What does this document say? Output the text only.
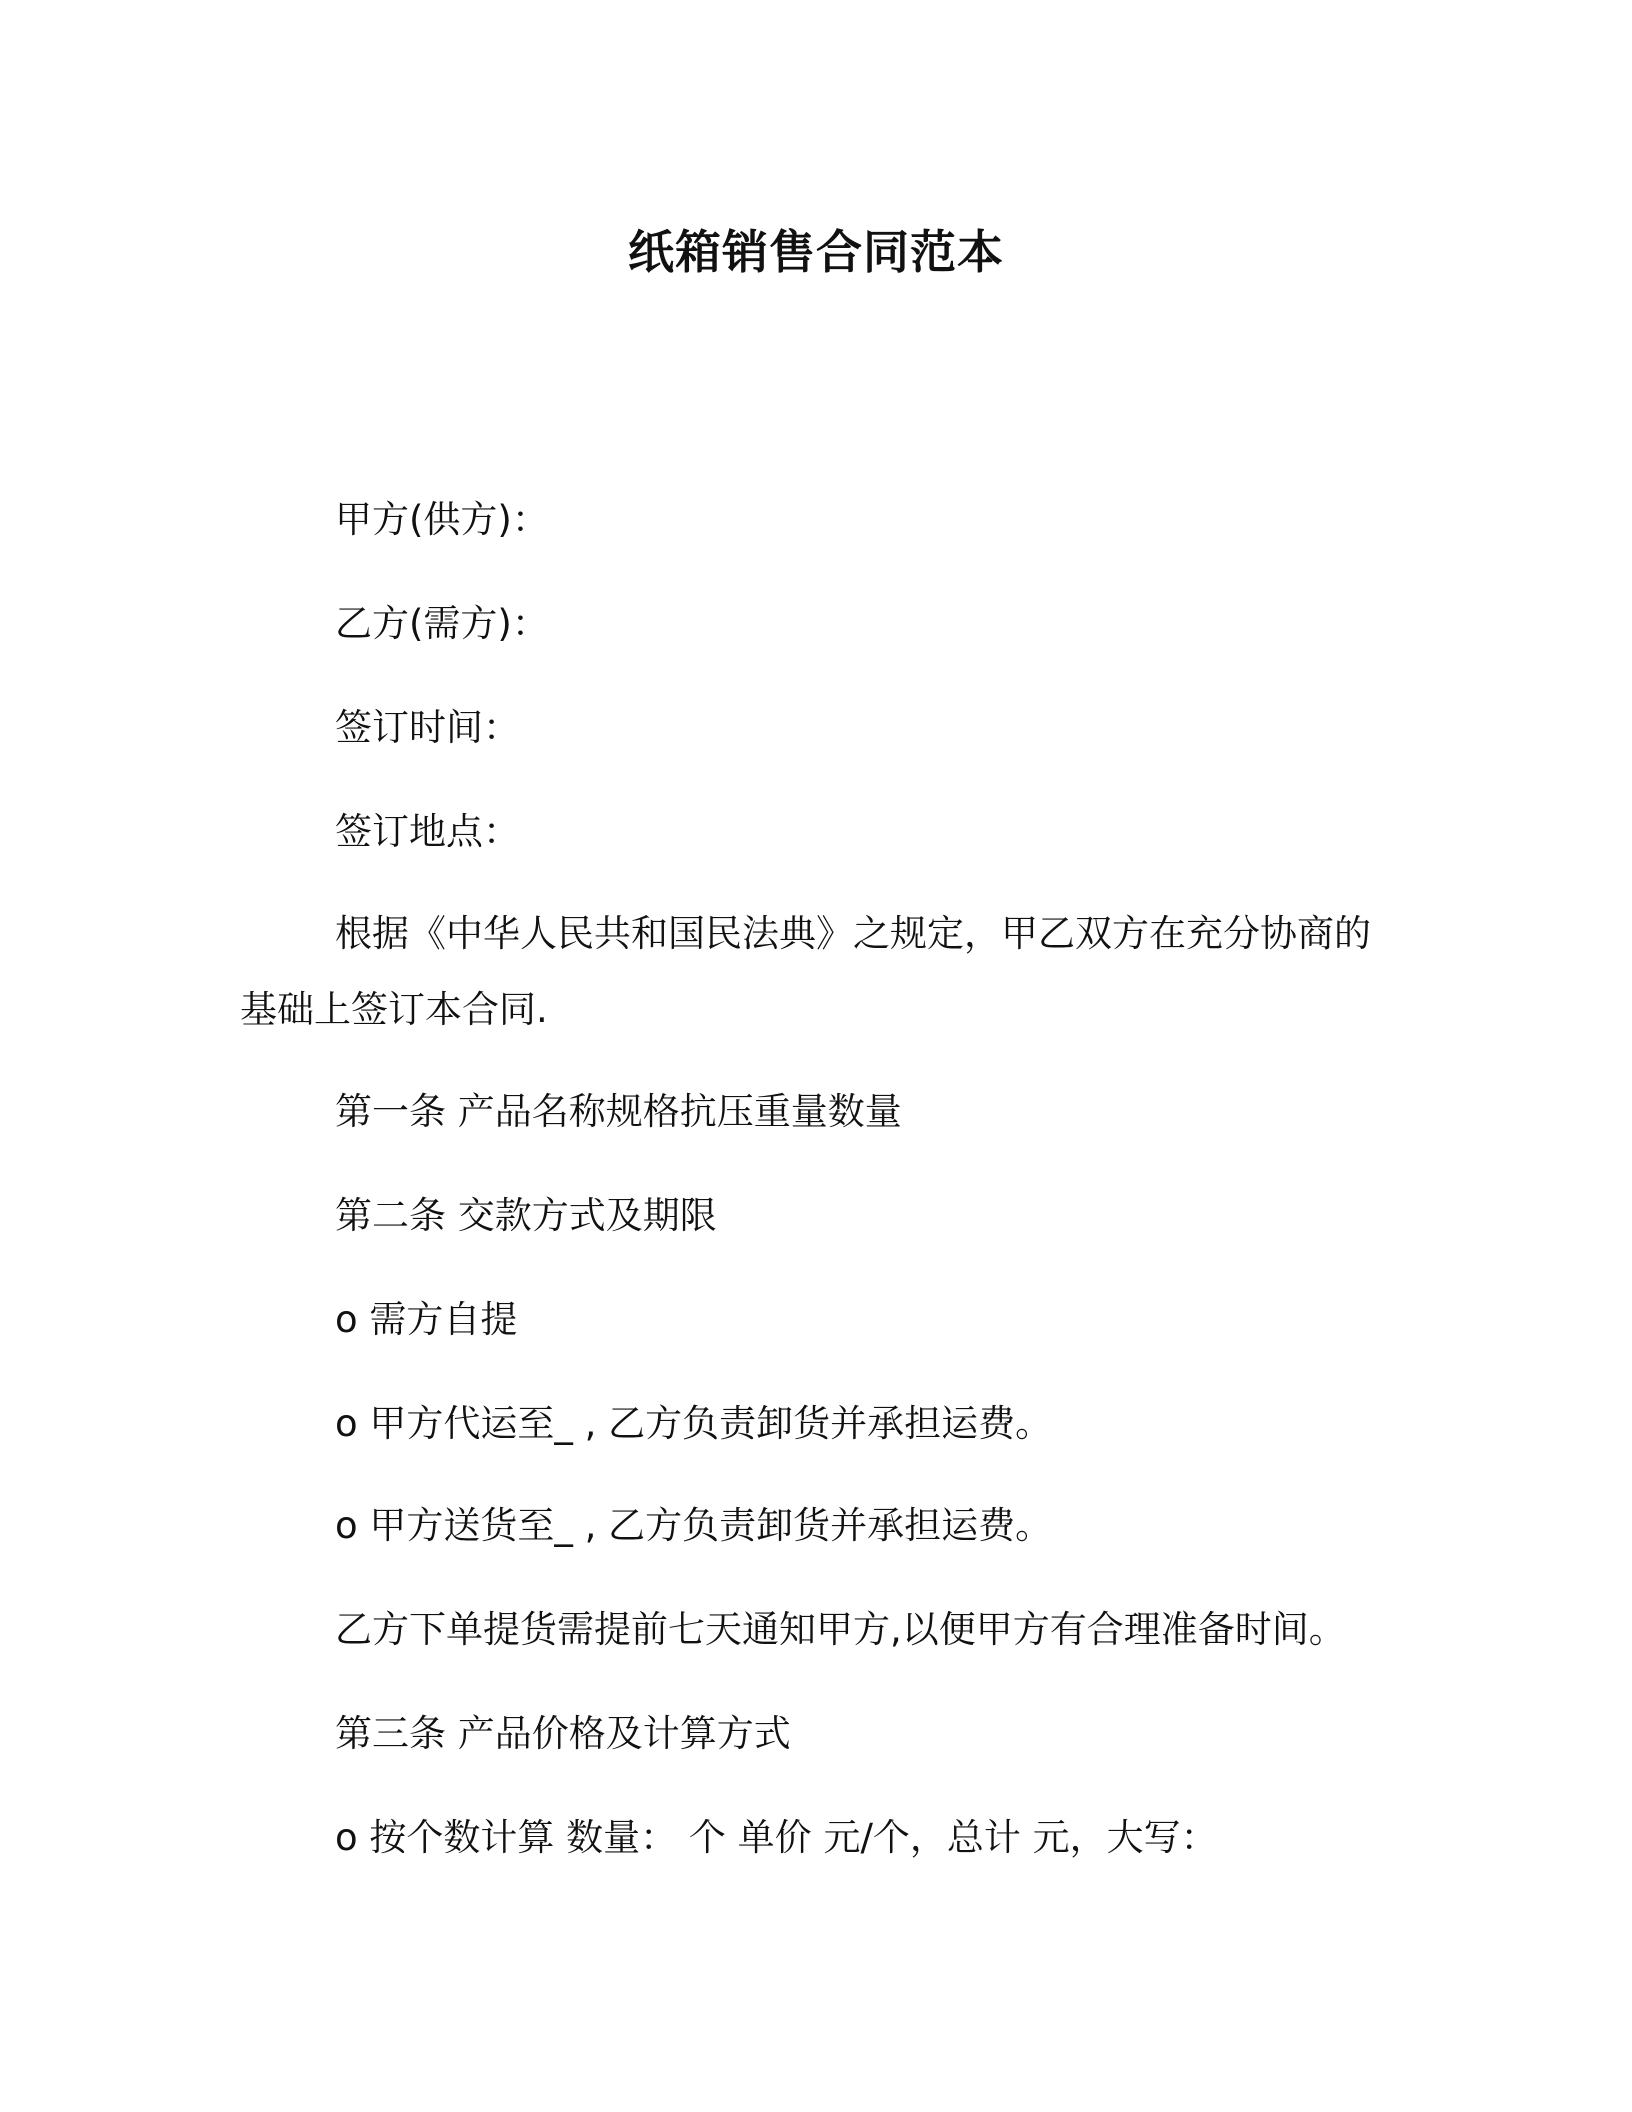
纸箱销售合同范本
甲方(供方)：
乙方(需方)：
签订时间：
签订地点：
根据《中华人民共和国民法典》之规定，甲乙双方在充分协商的
基础上签订本合同.
第一条 产品名称规格抗压重量数量
第二条 交款方式及期限
o 需方自提
o 甲方代运至_ , 乙方负责卸货并承担运费。
o 甲方送货至_ , 乙方负责卸货并承担运费。
乙方下单提货需提前七天通知甲方,以便甲方有合理准备时间。
第三条 产品价格及计算方式
o 按个数计算 数量： 个 单价 元/个，总计 元，大写：
